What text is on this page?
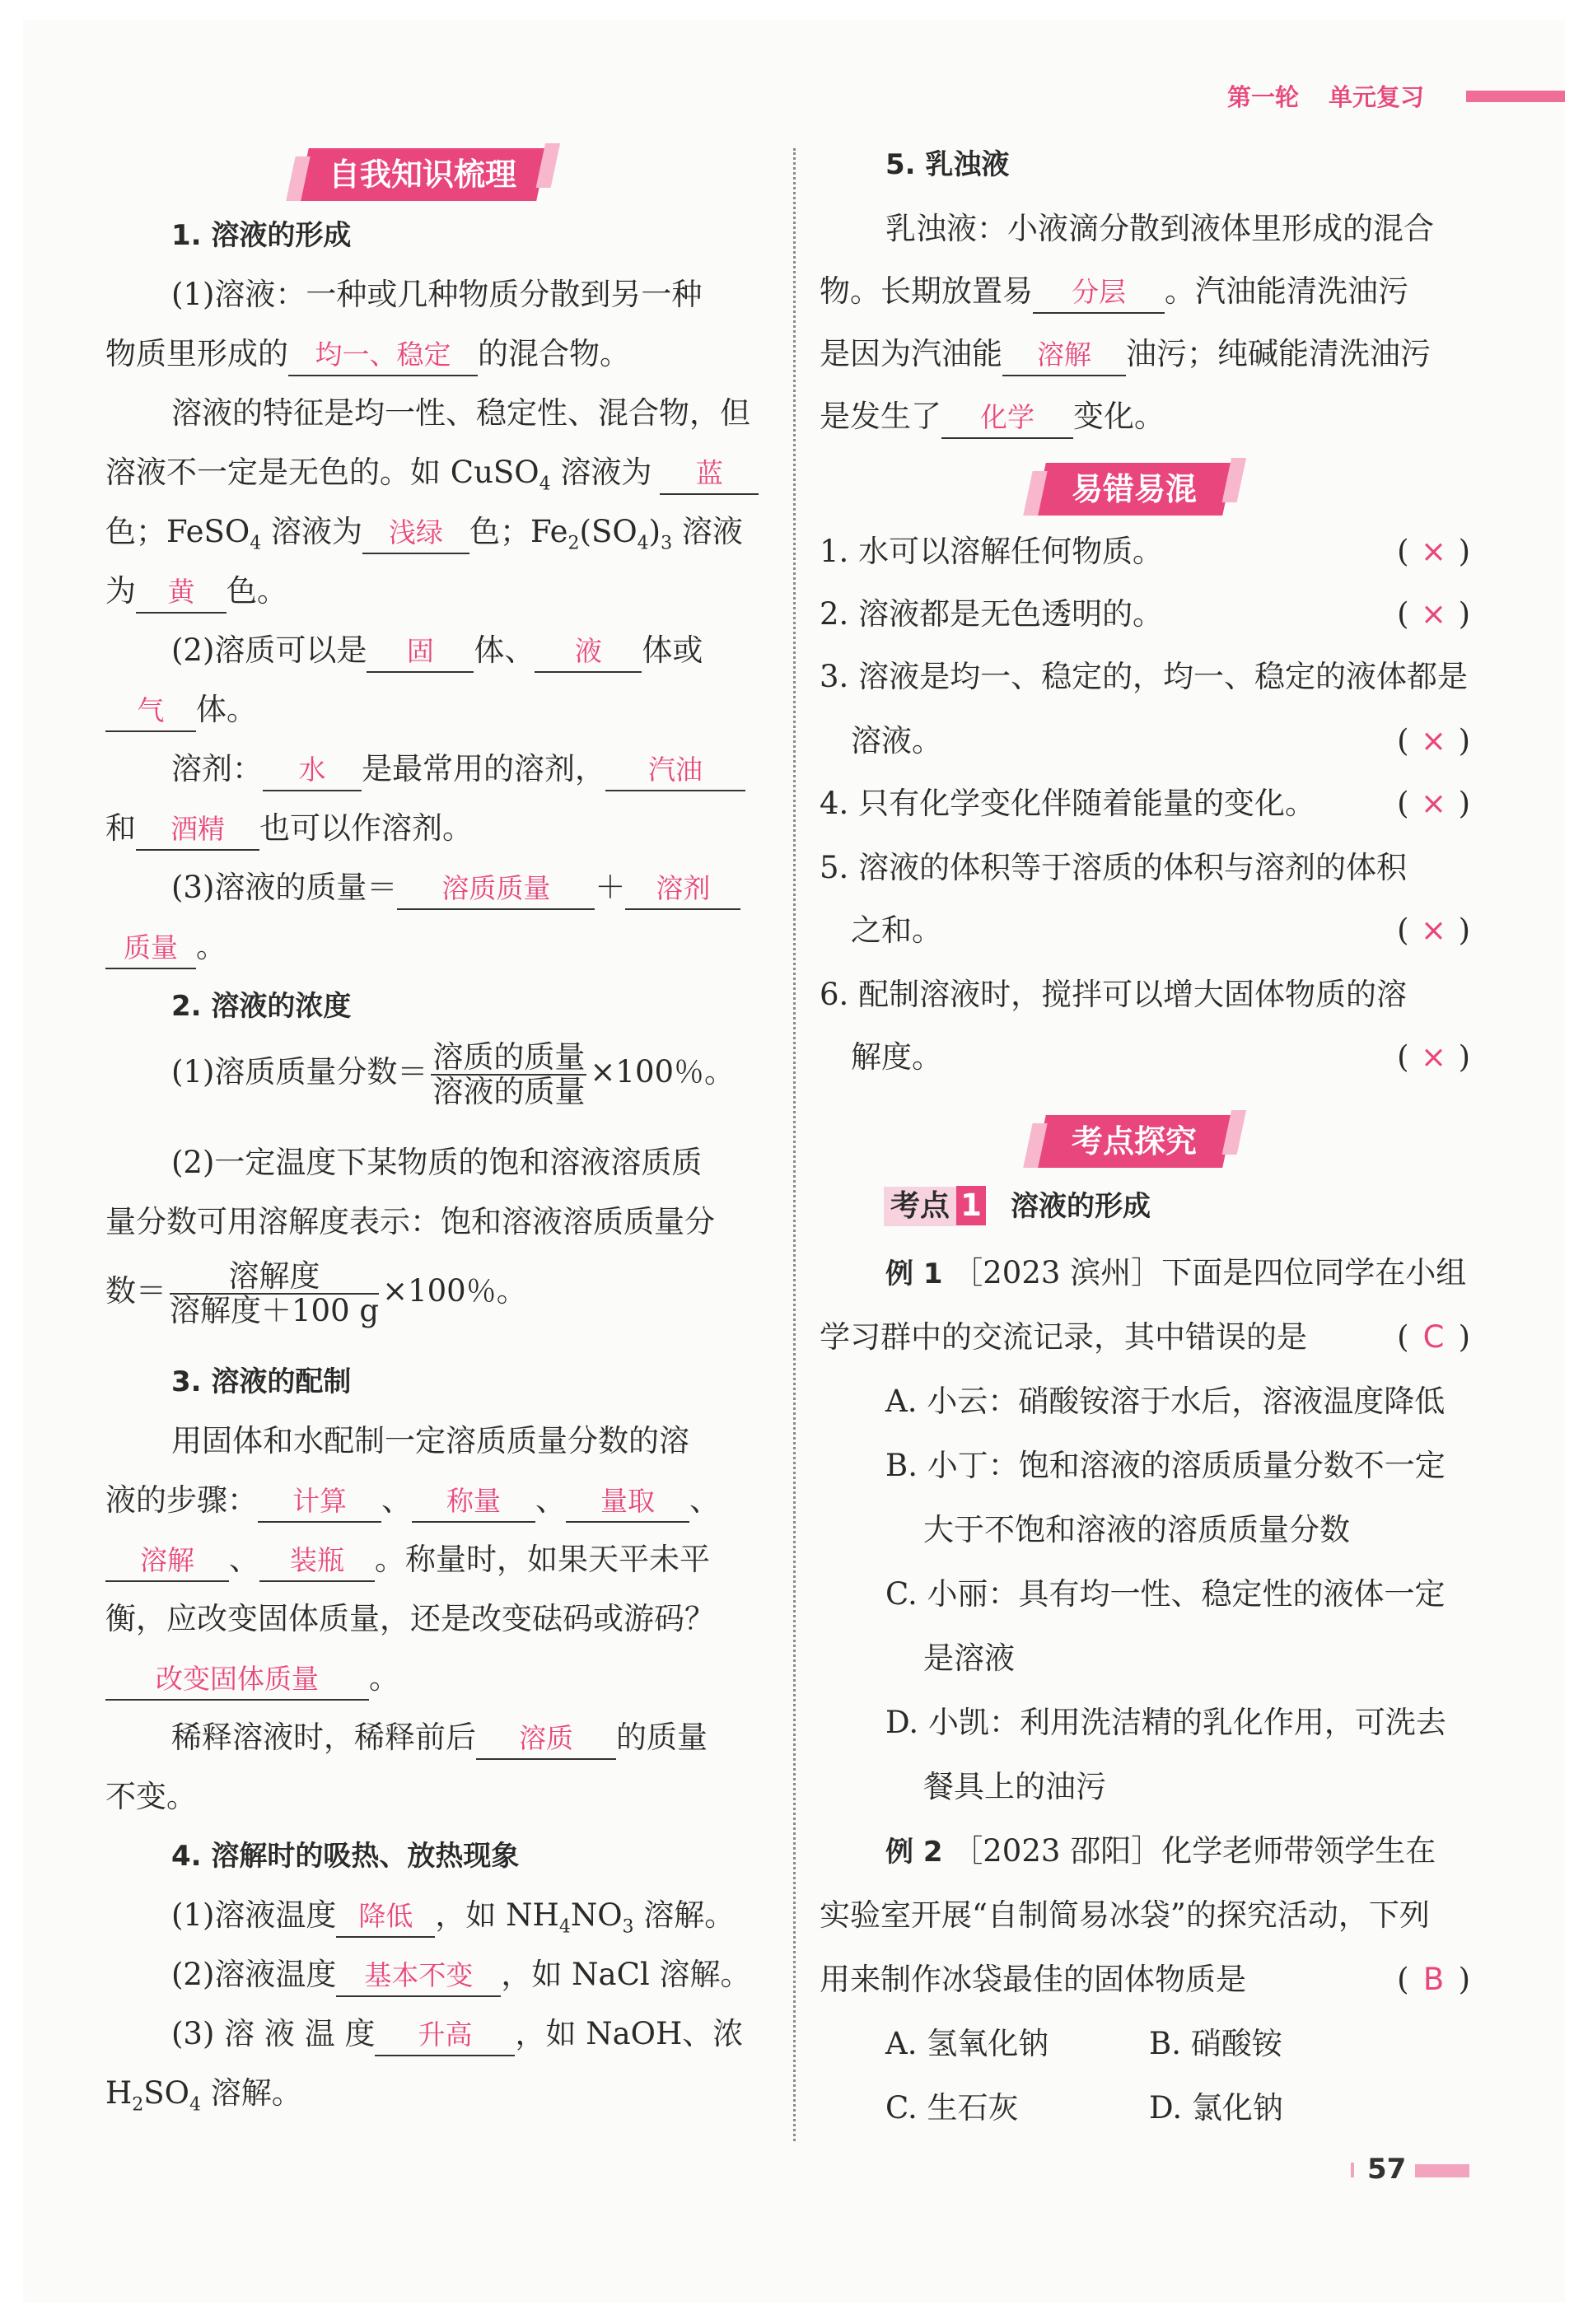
第一轮 单元复习
自我知识梳理
1. 溶液的形成
(1)溶液：一种或几种物质分散到另一种
物质里形成的 均一、稳定 的混合物。
溶液的特征是均一性、稳定性、混合物，但
溶液不一定是无色的。如 CuSO$_4$ 溶液为 蓝
色；FeSO$_4$ 溶液为 浅绿 色；$Fe_2(SO_4)_3$ 溶液
为 黄 色。
(2)溶质可以是 固 体、 液 体或
气 体。
溶剂： 水 是最常用的溶剂， 汽油
和 酒精 也可以作溶剂。
(3)溶液的质量＝ 溶质质量 ＋ 溶剂
质量 。
2. 溶液的浓度
(1)溶质质量分数＝ $\frac{\text{溶质的质量}}{\text{溶液的质量}} \times 100$％。
(2)一定温度下某物质的饱和溶液溶质质
量分数可用溶解度表示：饱和溶液溶质质量分
数＝ $\frac{\text{溶解度}}{\text{溶解度＋100 g}} \times 100$％。
3. 溶液的配制
用固体和水配制一定溶质质量分数的溶
液的步骤： 计算 、 称量 、 量取 、
溶解 、 装瓶 。称量时，如果天平未平
衡，应改变固体质量，还是改变砝码或游码？
改变固体质量 。
稀释溶液时，稀释前后 溶质 的质量
不变。
4. 溶解时的吸热、放热现象
(1)溶液温度 降低 ，如 $NH_4NO_3$ 溶解。
(2)溶液温度 基本不变 ，如 NaCl 溶解。
(3) 溶 液 温 度 升高 ，如 NaOH、浓
$H_2SO_4$ 溶解。
5. 乳浊液
乳浊液：小液滴分散到液体里形成的混合
物。长期放置易 分层 。汽油能清洗油污
是因为汽油能 溶解 油污；纯碱能清洗油污
是发生了 化学 变化。
易错易混
1. 水可以溶解任何物质。	( × )
2. 溶液都是无色透明的。	( × )
3. 溶液是均一、稳定的，均一、稳定的液体都是
溶液。	( × )
4. 只有化学变化伴随着能量的变化。	( × )
5. 溶液的体积等于溶质的体积与溶剂的体积
之和。	( × )
6. 配制溶液时，搅拌可以增大固体物质的溶
解度。	( × )
考点探究
考点 1 溶液的形成
例 1 ［2023 滨州］下面是四位同学在小组
学习群中的交流记录，其中错误的是	( C )
A. 小云：硝酸铵溶于水后，溶液温度降低
B. 小丁：饱和溶液的溶质质量分数不一定
大于不饱和溶液的溶质质量分数
C. 小丽：具有均一性、稳定性的液体一定
是溶液
D. 小凯：利用洗洁精的乳化作用，可洗去
餐具上的油污
例 2 ［2023 邵阳］化学老师带领学生在
实验室开展“自制简易冰袋”的探究活动，下列
用来制作冰袋最佳的固体物质是	( B )
A. 氢氧化钠	B. 硝酸铵
C. 生石灰	D. 氯化钠
57
